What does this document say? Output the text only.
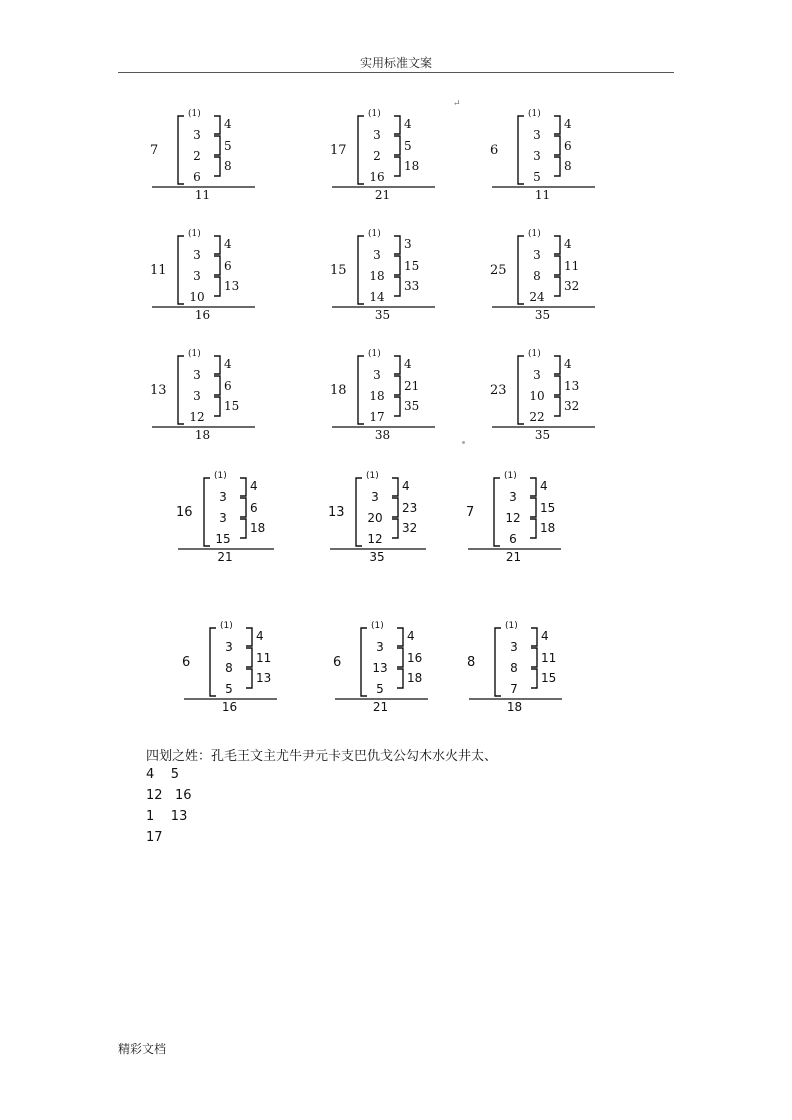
实用标准文案
↵
(1)
7
3
2
6
4
5
8
11
(1)
17
3
2
16
4
5
18
21
(1)
6
3
3
5
4
6
8
11
(1)
11
3
3
10
4
6
13
16
(1)
15
3
18
14
3
15
33
35
(1)
25
3
8
24
4
11
32
35
(1)
13
3
3
12
4
6
15
18
(1)
18
3
18
17
4
21
35
38
(1)
23
3
10
22
4
13
32
35
(1)
16
3
3
15
4
6
18
21
(1)
13
3
20
12
4
23
32
35
(1)
7
3
12
6
4
15
18
21
(1)
6
3
8
5
4
11
13
16
(1)
6
3
13
5
4
16
18
21
(1)
8
3
8
7
4
11
15
18
四划之姓：孔毛王文主尤牛尹元卡支巴仇戈公勾木水火井太、
4    5
12   16
1    13
17
精彩文档
